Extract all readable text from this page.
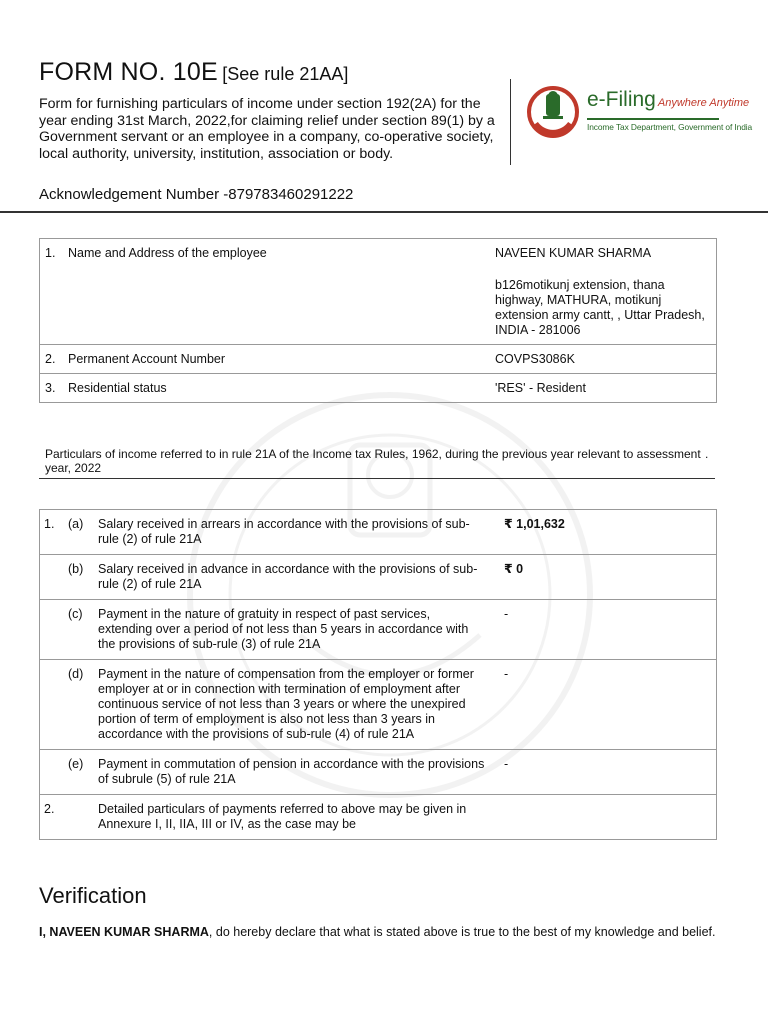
FORM NO. 10E [See rule 21AA]
Form for furnishing particulars of income under section 192(2A) for the year ending 31st March, 2022,for claiming relief under section 89(1) by a Government servant or an employee in a company, co-operative society, local authority, university, institution, association or body.
Acknowledgement Number -879783460291222
e-Filing Anywhere Anytime
Income Tax Department, Government of India
1.	Name and Address of the employee	NAVEEN KUMAR SHARMA
b126motikunj extension, thana highway, MATHURA, motikunj extension army cantt, , Uttar Pradesh, INDIA - 281006

2.	Permanent Account Number	COVPS3086K
3.	Residential status	'RES' - Resident
Particulars of income referred to in rule 21A of the Income tax Rules, 1962, during the previous year relevant to assessment year, 2022
.
1.	(a)	Salary received in arrears in accordance with the provisions of sub-rule (2) of rule 21A	₹ 1,01,632
	(b)	Salary received in advance in accordance with the provisions of sub-rule (2) of rule 21A	₹ 0
	(c)	Payment in the nature of gratuity in respect of past services, extending over a period of not less than 5 years in accordance with the provisions of sub-rule (3) of rule 21A	-
	(d)	Payment in the nature of compensation from the employer or former employer at or in connection with termination of employment after continuous service of not less than 3 years or where the unexpired portion of term of employment is also not less than 3 years in accordance with the provisions of sub-rule (4) of rule 21A	-
	(e)	Payment in commutation of pension in accordance with the provisions of subrule (5) of rule 21A	-
2.		Detailed particulars of payments referred to above may be given in Annexure I, II, IIA, III or IV, as the case may be	
Verification
I, NAVEEN KUMAR SHARMA, do hereby declare that what is stated above is true to the best of my knowledge and belief.
